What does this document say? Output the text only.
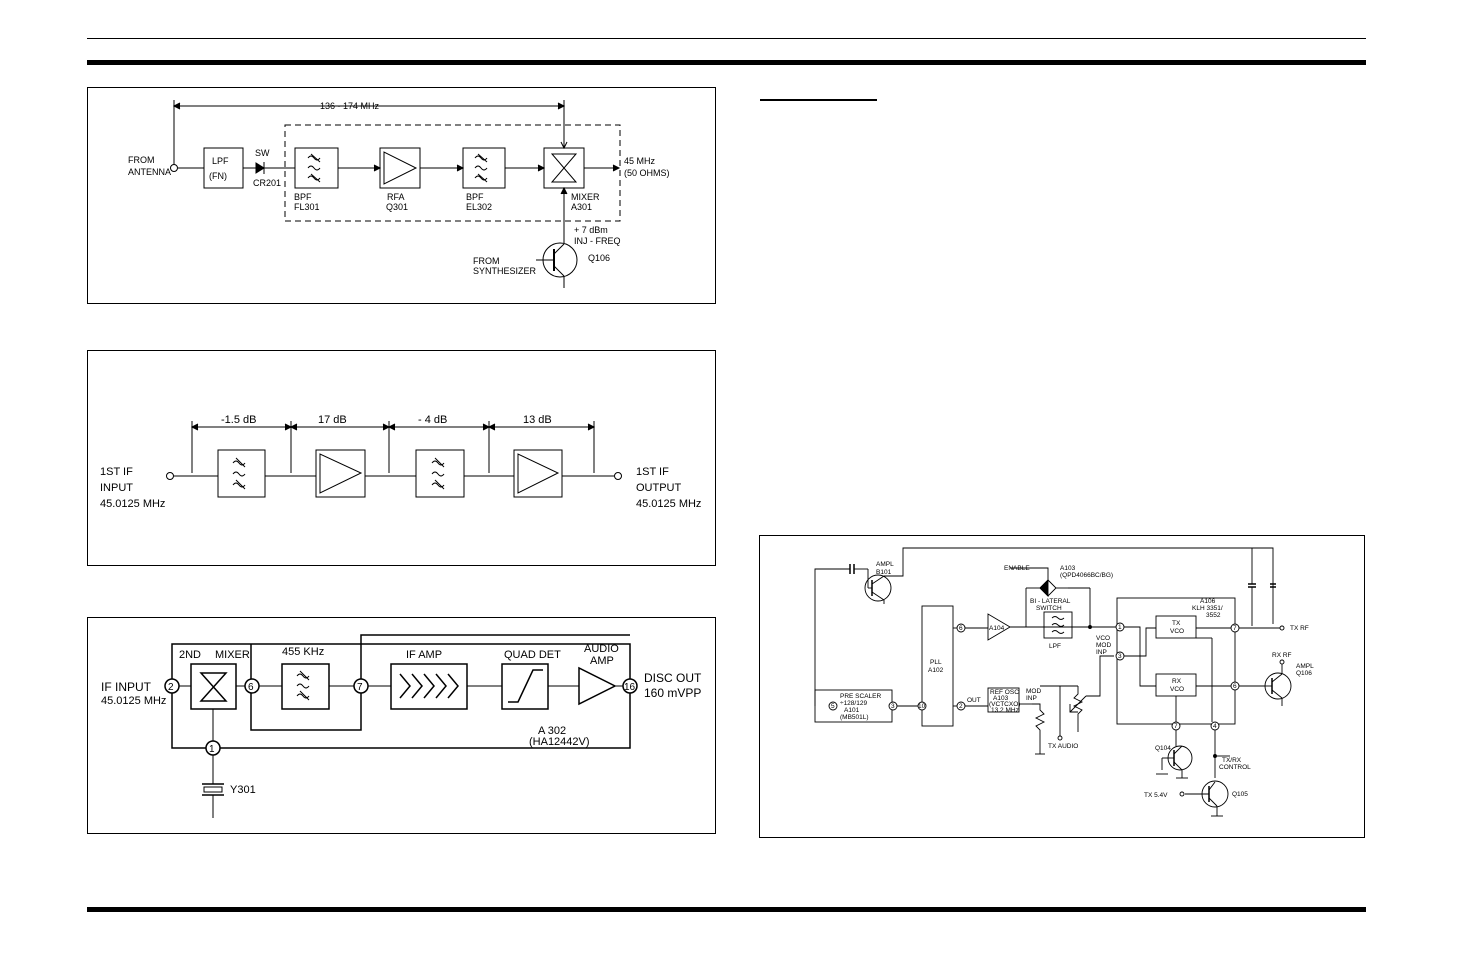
136 - 174 MHz
FROM
ANTENNA
LPF
(FN)
SW
CR201
BPF
FL301
RFA
Q301
BPF
EL302
45 MHz
(50 OHMS)
MIXER
A301
+ 7 dBm
INJ - FREQ
FROM
SYNTHESIZER
Q106
-1.5 dB	17 dB	- 4 dB	13 dB
1ST IF
INPUT
45.0125 MHz
1ST IF
OUTPUT
45.0125 MHz
IF INPUT
45.0125 MHz
2
2ND MIXER
6
455 KHz
7
IF AMP	QUAD DET AUDIO
AMP
16
DISC OUT
160 mVPP
A 302
(HA12442V)
1
Y301
AMPL
B101
5
PRE SCALER
÷128/129
A101
(MB501L)
3
PLL
A102
10
6
2
OUT
REF OSC
A103
(VCTCXO)
13.2 MHz
MOD
INP
TX AUDIO
VCO
MOD
INP
A104
ENABLE	A103
(QPD4066BC/BG)
BI - LATERAL
SWITCH
LPF
A106
KLH 3351/
3552
1
3
TX
VCO
RX
VCO
7
6
TX RF
RX RF
AMPL
Q106
7	4
Q104
TX/RX
CONTROL
TX 5.4V	Q105
